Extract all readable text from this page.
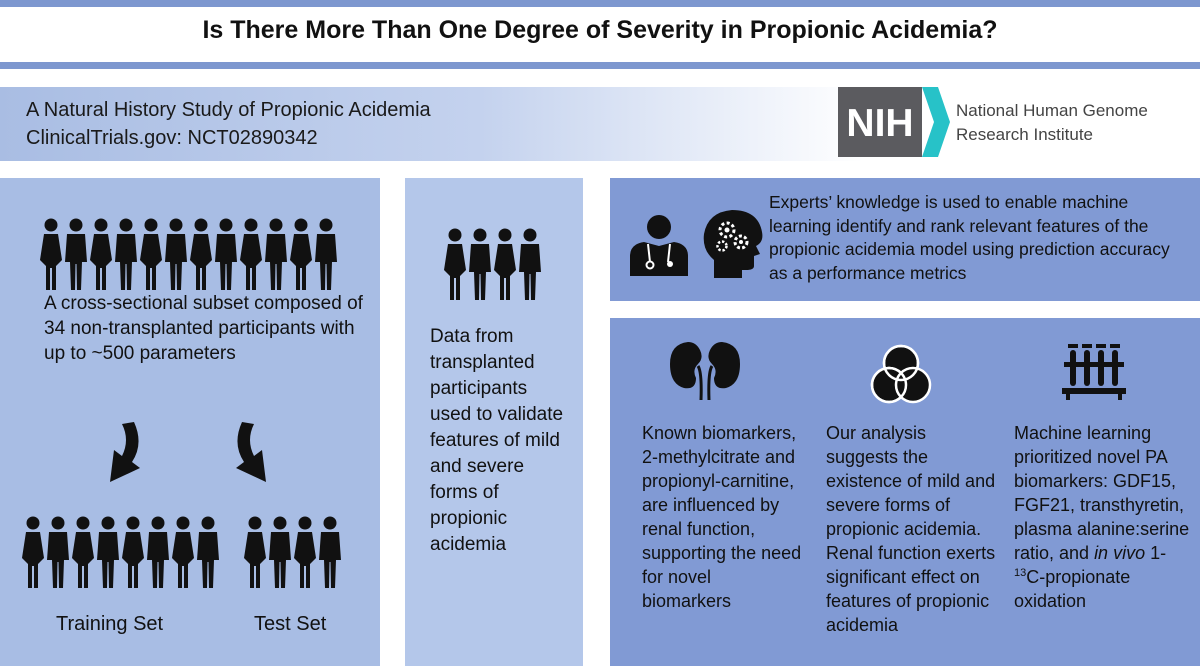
Is There More Than One Degree of Severity in Propionic Acidemia?
A Natural History Study of Propionic Acidemia
ClinicalTrials.gov: NCT02890342	NIH National Human Genome
Research Institute
A cross-sectional subset composed of 34 non-transplanted participants with up to ~500 parameters
Training Set	Test Set
Data from transplanted participants used to validate features of mild and severe forms of propionic acidemia
Experts’ knowledge is used to enable machine learning identify and rank relevant features of the propionic acidemia model using prediction accuracy as a performance metrics
Known biomarkers, 2-methylcitrate and propionyl-carnitine, are influenced by renal function, supporting the need for novel biomarkers
Our analysis suggests the existence of mild and severe forms of propionic acidemia. Renal function exerts significant effect on features of propionic acidemia
Machine learning prioritized novel PA biomarkers: GDF15, FGF21, transthyretin, plasma alanine:serine ratio, and in vivo 1-$^{13}$C-propionate oxidation
